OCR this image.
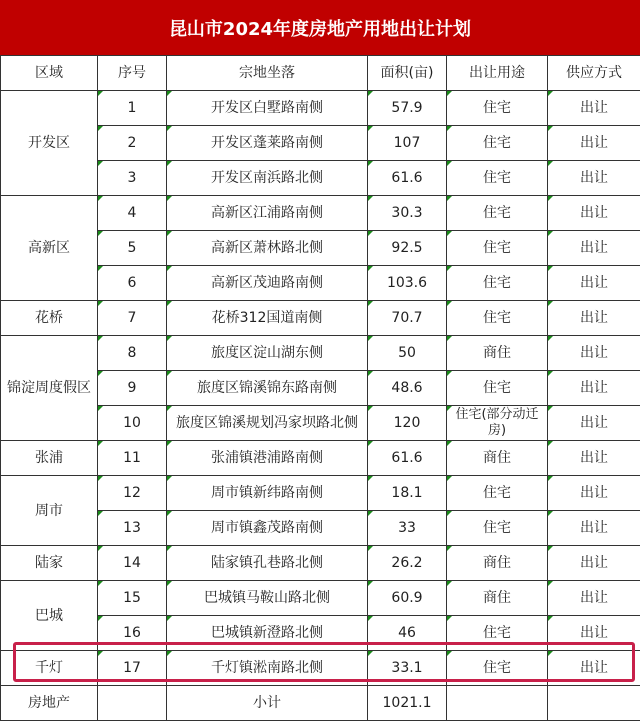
昆山市2024年度房地产用地出让计划
区域	序号	宗地坐落	面积(亩)	出让用途	供应方式
开发区	1	开发区白墅路南侧	57.9	住宅	出让
	2	开发区蓬莱路南侧	107	住宅	出让
	3	开发区南浜路北侧	61.6	住宅	出让
高新区	4	高新区江浦路南侧	30.3	住宅	出让
	5	高新区萧林路北侧	92.5	住宅	出让
	6	高新区茂迪路南侧	103.6	住宅	出让
花桥	7	花桥312国道南侧	70.7	住宅	出让
锦淀周度假区	8	旅度区淀山湖东侧	50	商住	出让
	9	旅度区锦溪锦东路南侧	48.6	住宅	出让
	10	旅度区锦溪规划冯家坝路北侧	120	住宅(部分动迁房)	出让
张浦	11	张浦镇港浦路南侧	61.6	商住	出让
周市	12	周市镇新纬路南侧	18.1	住宅	出让
	13	周市镇鑫茂路南侧	33	住宅	出让
陆家	14	陆家镇孔巷路北侧	26.2	商住	出让
巴城	15	巴城镇马鞍山路北侧	60.9	商住	出让
	16	巴城镇新澄路北侧	46	住宅	出让
千灯	17	千灯镇淞南路北侧	33.1	住宅	出让
房地产		小计	1021.1		
